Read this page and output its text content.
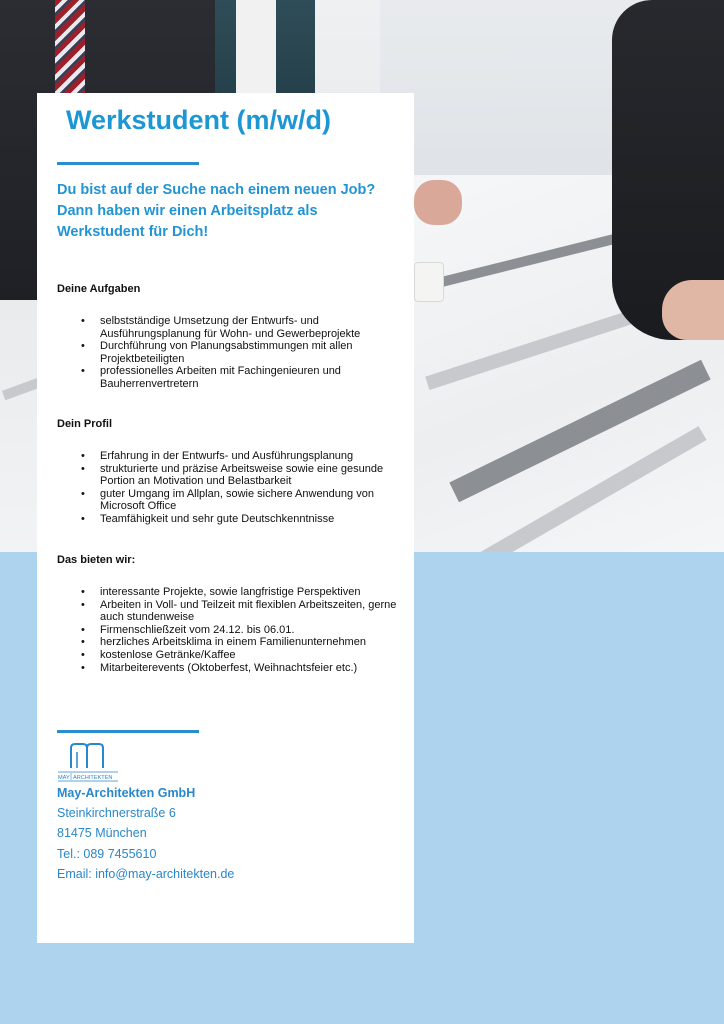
Werkstudent (m/w/d)
Du bist auf der Suche nach einem neuen Job? Dann haben wir einen Arbeitsplatz als Werkstudent für Dich!
Deine Aufgaben
• selbstständige Umsetzung der Entwurfs- und Ausführungsplanung für Wohn- und Gewerbeprojekte
• Durchführung von Planungsabstimmungen mit allen Projektbeteiligten
• professionelles Arbeiten mit Fachingenieuren und Bauherrenvertretern
Dein Profil
• Erfahrung in der Entwurfs- und Ausführungsplanung
• strukturierte und präzise Arbeitsweise sowie eine gesunde Portion an Motivation und Belastbarkeit
• guter Umgang im Allplan, sowie sichere Anwendung von Microsoft Office
• Teamfähigkeit und sehr gute Deutschkenntnisse
Das bieten wir:
• interessante Projekte, sowie langfristige Perspektiven
• Arbeiten in Voll- und Teilzeit mit flexiblen Arbeitszeiten, gerne auch stundenweise
• Firmenschließzeit vom 24.12. bis 06.01.
• herzliches Arbeitsklima in einem Familienunternehmen
• kostenlose Getränke/Kaffee
• Mitarbeiterevents (Oktoberfest, Weihnachtsfeier etc.)
MAY ARCHITEKTEN
May-Architekten GmbH
Steinkirchnerstraße 6
81475 München
Tel.: 089 7455610
Email: info@may-architekten.de
